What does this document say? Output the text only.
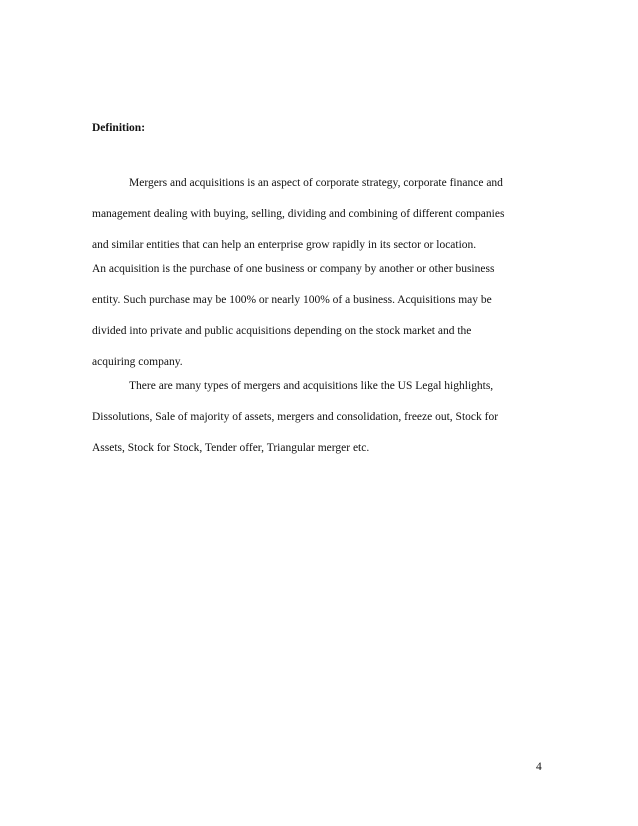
Definition:
Mergers and acquisitions is an aspect of corporate strategy, corporate finance and
management dealing with buying, selling, dividing and combining of different companies
and similar entities that can help an enterprise grow rapidly in its sector or location.
An acquisition is the purchase of one business or company by another or other business
entity. Such purchase may be 100% or nearly 100% of a business. Acquisitions may be
divided into private and public acquisitions depending on the stock market and the
acquiring company.
There are many types of mergers and acquisitions like the US Legal highlights,
Dissolutions, Sale of majority of assets, mergers and consolidation, freeze out, Stock for
Assets, Stock for Stock, Tender offer, Triangular merger etc.
4
